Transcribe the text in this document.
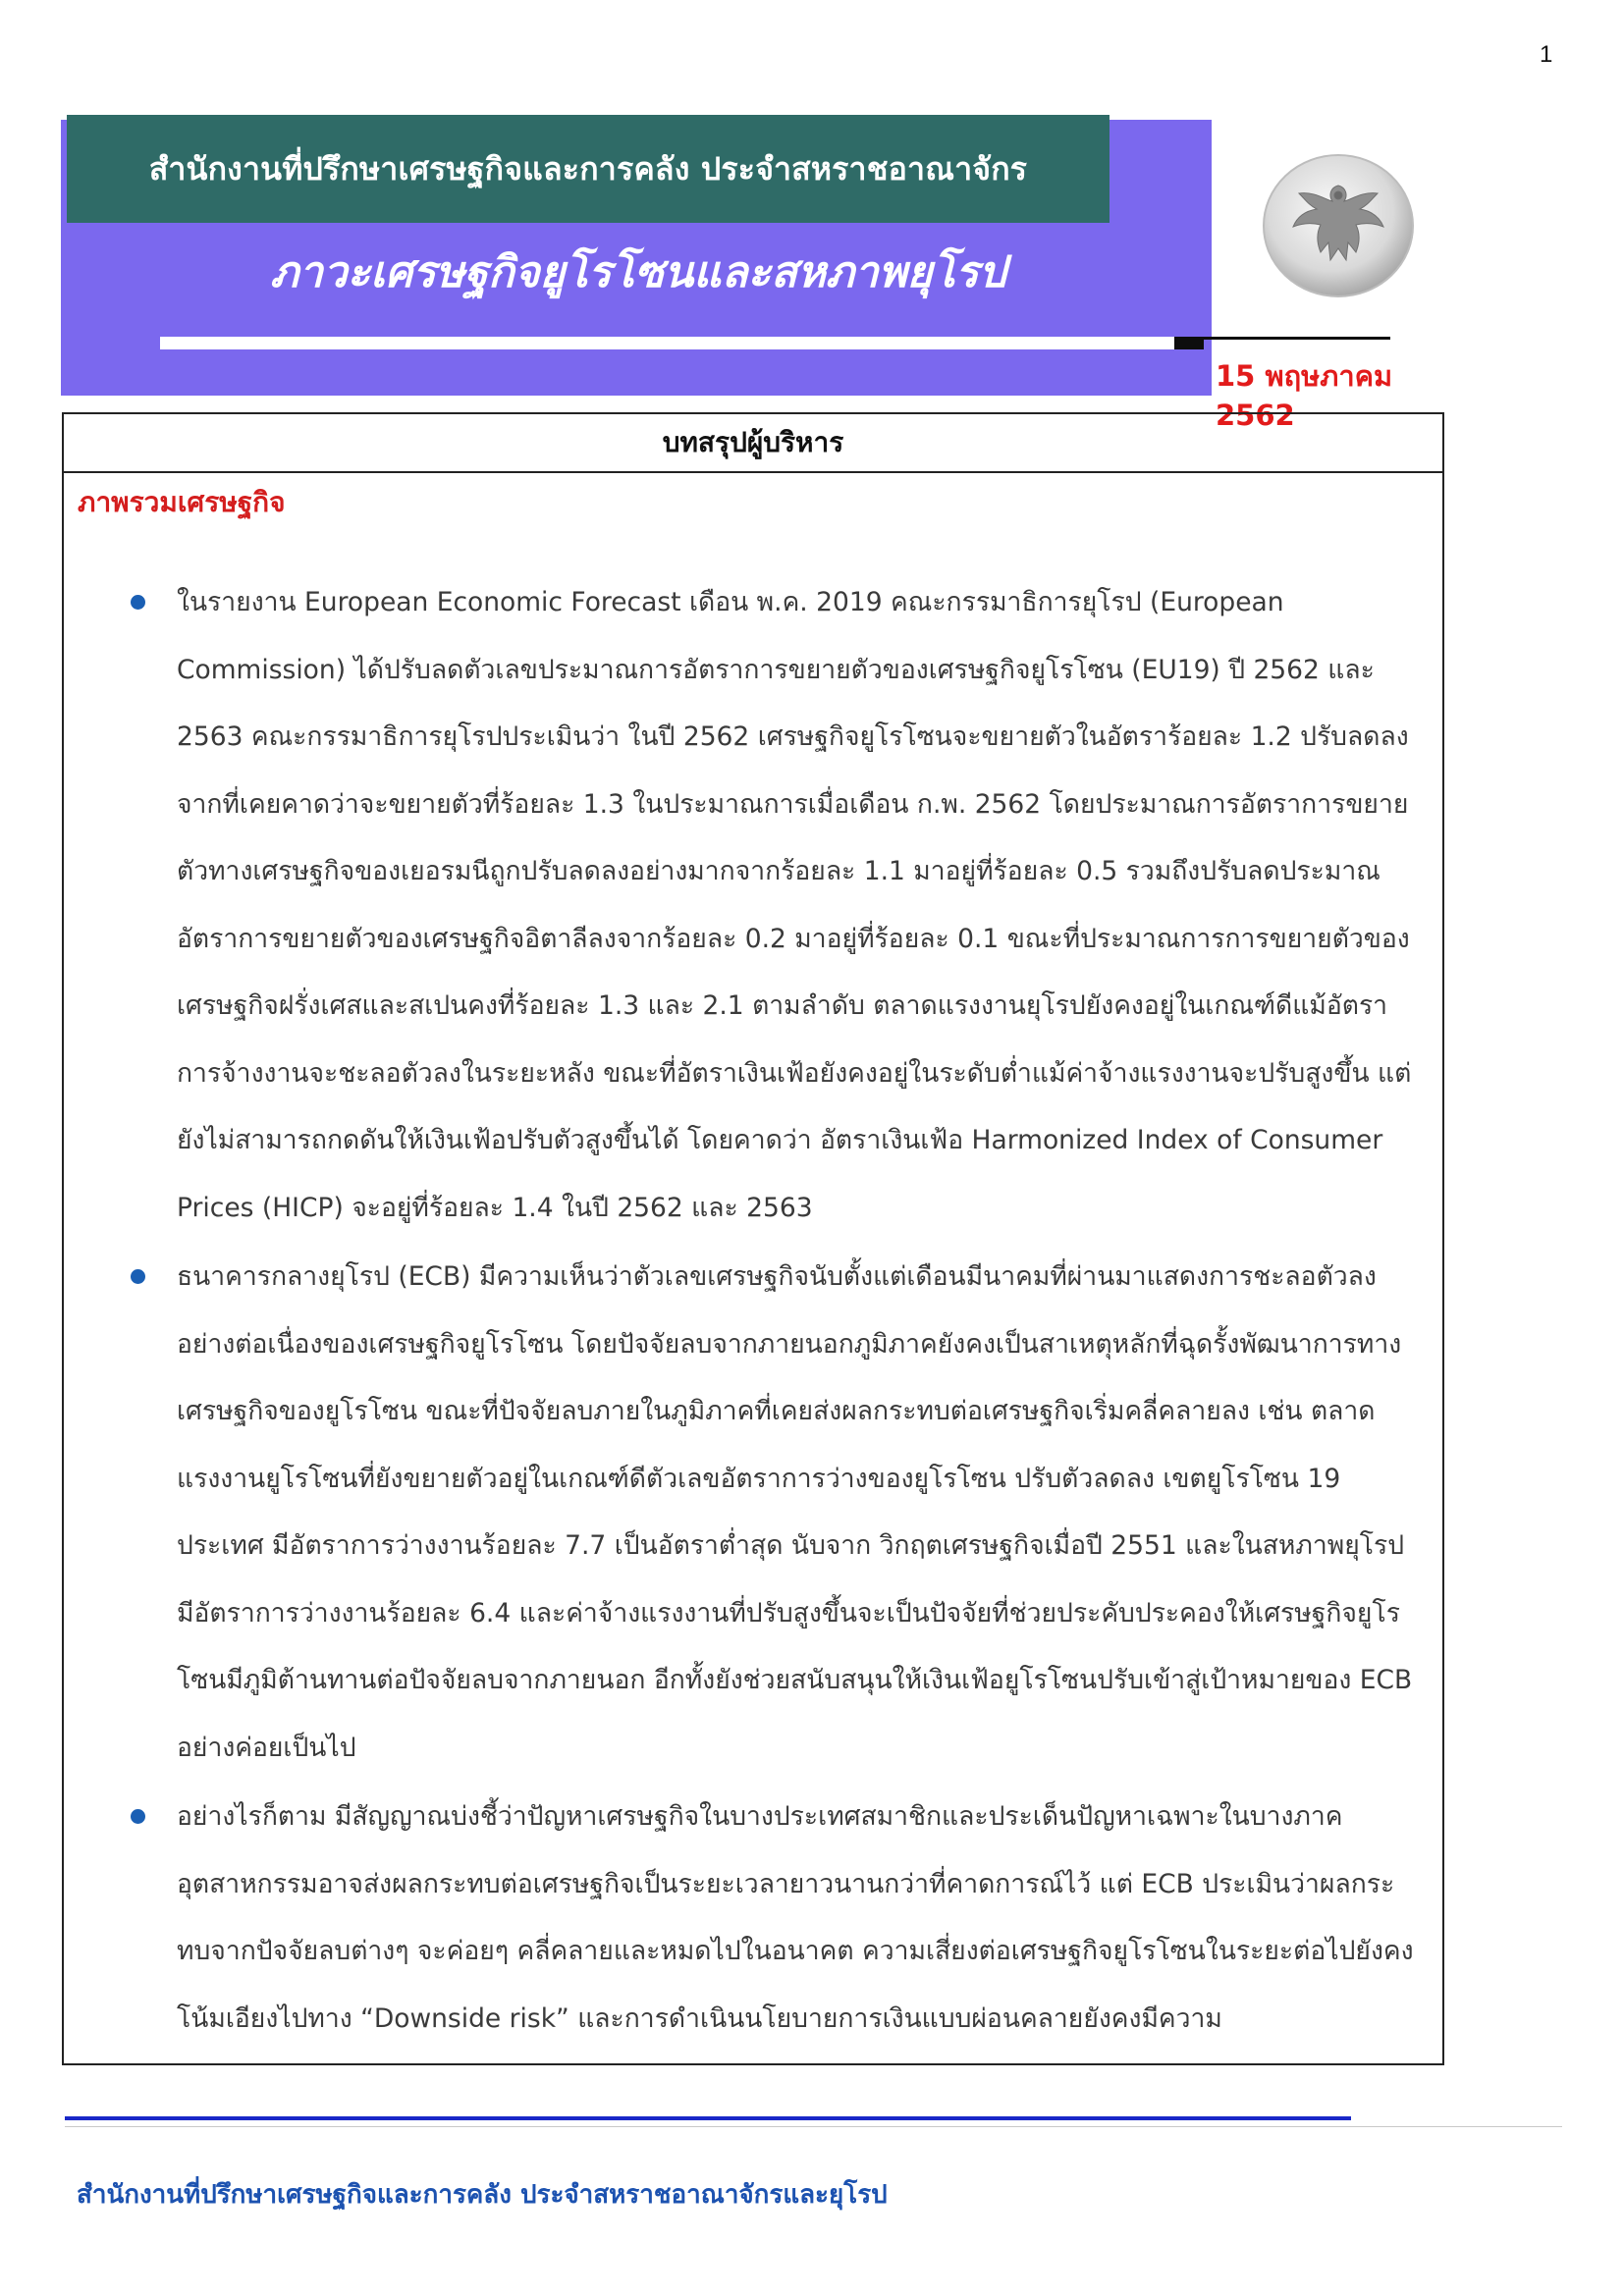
1
สำนักงานที่ปรึกษาเศรษฐกิจและการคลัง ประจำสหราชอาณาจักร
ภาวะเศรษฐกิจยูโรโซนและสหภาพยุโรป
15 พฤษภาคม 2562
บทสรุปผู้บริหาร
ภาพรวมเศรษฐกิจ
ในรายงาน European Economic Forecast เดือน พ.ค. 2019 คณะกรรมาธิการยุโรป (European Commission) ได้ปรับลดตัวเลขประมาณการอัตราการขยายตัวของเศรษฐกิจยูโรโซน (EU19) ปี 2562 และ 2563 คณะกรรมาธิการยุโรปประเมินว่า ในปี 2562 เศรษฐกิจยูโรโซนจะขยายตัวในอัตราร้อยละ 1.2 ปรับลดลงจากที่เคยคาดว่าจะขยายตัวที่ร้อยละ 1.3 ในประมาณการเมื่อเดือน ก.พ. 2562 โดยประมาณการอัตราการขยายตัวทางเศรษฐกิจของเยอรมนีถูกปรับลดลงอย่างมากจากร้อยละ 1.1 มาอยู่ที่ร้อยละ 0.5 รวมถึงปรับลดประมาณอัตราการขยายตัวของเศรษฐกิจอิตาลีลงจากร้อยละ 0.2 มาอยู่ที่ร้อยละ 0.1 ขณะที่ประมาณการการขยายตัวของเศรษฐกิจฝรั่งเศสและสเปนคงที่ร้อยละ 1.3 และ 2.1 ตามลำดับ ตลาดแรงงานยุโรปยังคงอยู่ในเกณฑ์ดีแม้อัตราการจ้างงานจะชะลอตัวลงในระยะหลัง ขณะที่อัตราเงินเฟ้อยังคงอยู่ในระดับต่ำแม้ค่าจ้างแรงงานจะปรับสูงขึ้น แต่ยังไม่สามารถกดดันให้เงินเฟ้อปรับตัวสูงขึ้นได้ โดยคาดว่า อัตราเงินเฟ้อ Harmonized Index of Consumer Prices (HICP) จะอยู่ที่ร้อยละ 1.4 ในปี 2562 และ 2563
ธนาคารกลางยุโรป (ECB) มีความเห็นว่าตัวเลขเศรษฐกิจนับตั้งแต่เดือนมีนาคมที่ผ่านมาแสดงการชะลอตัวลงอย่างต่อเนื่องของเศรษฐกิจยูโรโซน โดยปัจจัยลบจากภายนอกภูมิภาคยังคงเป็นสาเหตุหลักที่ฉุดรั้งพัฒนาการทางเศรษฐกิจของยูโรโซน ขณะที่ปัจจัยลบภายในภูมิภาคที่เคยส่งผลกระทบต่อเศรษฐกิจเริ่มคลี่คลายลง เช่น ตลาดแรงงานยูโรโซนที่ยังขยายตัวอยู่ในเกณฑ์ดีตัวเลขอัตราการว่างของยูโรโซน ปรับตัวลดลง เขตยูโรโซน 19 ประเทศ มีอัตราการว่างงานร้อยละ 7.7 เป็นอัตราต่ำสุด นับจาก วิกฤตเศรษฐกิจเมื่อปี 2551 และในสหภาพยุโรป มีอัตราการว่างงานร้อยละ 6.4 และค่าจ้างแรงงานที่ปรับสูงขึ้นจะเป็นปัจจัยที่ช่วยประคับประคองให้เศรษฐกิจยูโรโซนมีภูมิต้านทานต่อปัจจัยลบจากภายนอก อีกทั้งยังช่วยสนับสนุนให้เงินเฟ้อยูโรโซนปรับเข้าสู่เป้าหมายของ ECB อย่างค่อยเป็นไป
อย่างไรก็ตาม มีสัญญาณบ่งชี้ว่าปัญหาเศรษฐกิจในบางประเทศสมาชิกและประเด็นปัญหาเฉพาะในบางภาคอุตสาหกรรมอาจส่งผลกระทบต่อเศรษฐกิจเป็นระยะเวลายาวนานกว่าที่คาดการณ์ไว้ แต่ ECB ประเมินว่าผลกระทบจากปัจจัยลบต่างๆ จะค่อยๆ คลี่คลายและหมดไปในอนาคต ความเสี่ยงต่อเศรษฐกิจยูโรโซนในระยะต่อไปยังคงโน้มเอียงไปทาง “Downside risk” และการดำเนินนโยบายการเงินแบบผ่อนคลายยังคงมีความ
สำนักงานที่ปรึกษาเศรษฐกิจและการคลัง ประจำสหราชอาณาจักรและยุโรป
